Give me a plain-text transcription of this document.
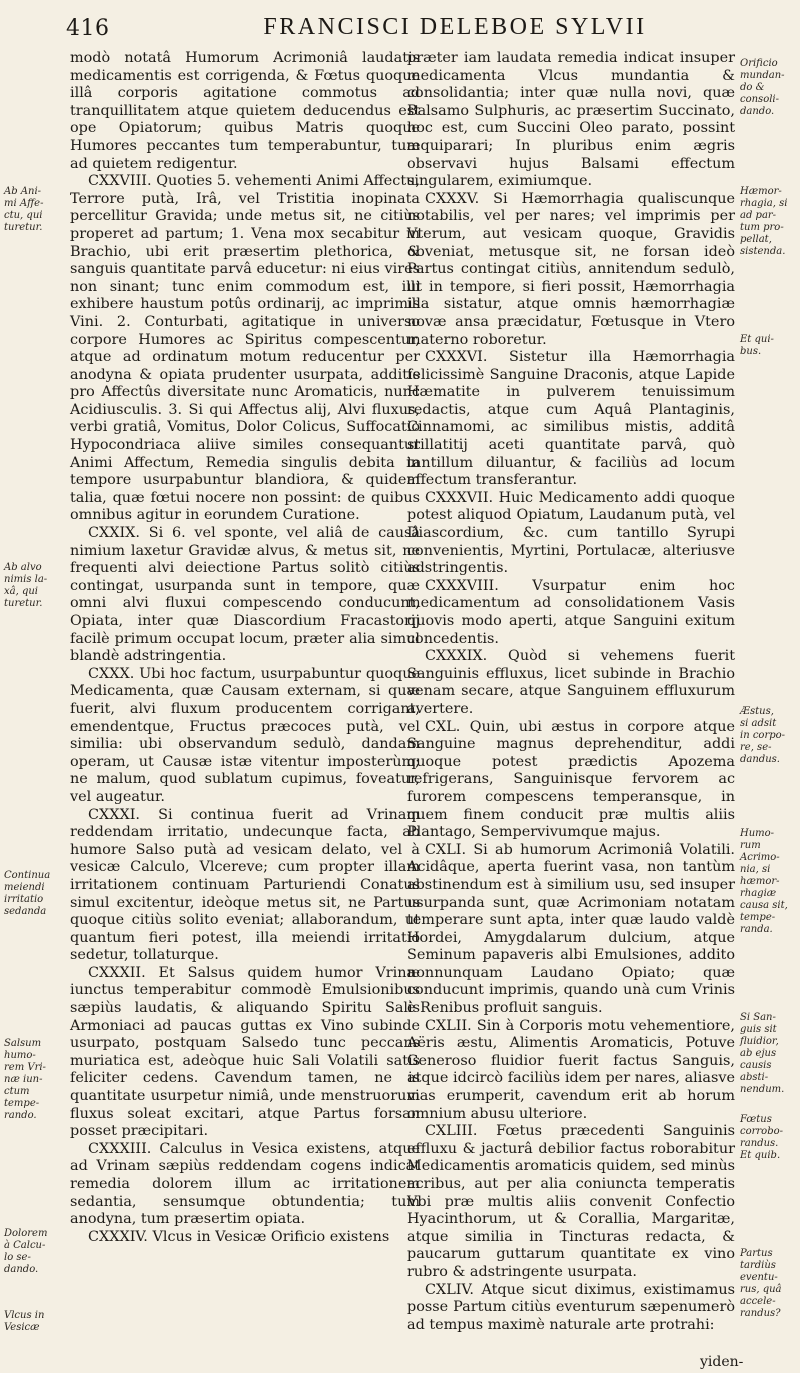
416	FRANCISCI DELEBOE SYLVII

modò notatâ Humorum Acrimoniâ laudatis medicamentis est corrigenda, & Fœtus quoque illâ corporis agitatione commotus ad tranquillitatem atque quietem deducendus est ope Opiatorum; quibus Matris quoque Humores peccantes tum temperabuntur, tum ad quietem redigentur.

CXXVIII. Quoties 5. vehementi Animi Affectu, Terrore putà, Irâ, vel Tristitia inopinata percellitur Gravida; unde metus sit, ne citiùs properet ad partum; 1. Vena mox secabitur in Brachio, ubi erit præsertim plethorica, & sanguis quantitate parvâ educetur: ni eius vires non sinant; tunc enim commodum est, illi exhibere haustum potûs ordinarij, ac imprimis Vini. 2. Conturbati, agitatique in universo corpore Humores ac Spiritus compescentur, atque ad ordinatum motum reducentur per anodyna & opiata prudenter usurpata, additis pro Affectûs diversitate nunc Aromaticis, nunc Acidiusculis. 3. Si qui Affectus alij, Alvi fluxus, verbi gratiâ, Vomitus, Dolor Colicus, Suffocatio Hypocondriaca aliive similes consequantur Animi Affectum, Remedia singulis debita in tempore usurpabuntur blandiora, & quidem talia, quæ fœtui nocere non possint: de quibus omnibus agitur in eorundem Curatione.

CXXIX. Si 6. vel sponte, vel aliâ de causâ nimium laxetur Gravidæ alvus, & metus sit, ne frequenti alvi deiectione Partus solitò citiùs contingat, usurpanda sunt in tempore, quæ omni alvi fluxui compescendo conducunt, Opiata, inter quæ Diascordium Fracastorij facilè primum occupat locum, præter alia simul blandè adstringentia.

CXXX. Ubi hoc factum, usurpabuntur quoque Medicamenta, quæ Causam externam, si quæ fuerit, alvi fluxum producentem corrigant, emendentque, Fructus præcoces putà, vel similia: ubi observandum sedulò, dandam operam, ut Causæ istæ vitentur imposterùm; ne malum, quod sublatum cupimus, foveatur, vel augeatur.

CXXXI. Si continua fuerit ad Vrinam reddendam irritatio, undecunque facta, ab humore Salso putà ad vesicam delato, vel à vesicæ Calculo, Vlcereve; cum propter illam irritationem continuam Parturiendi Conatus simul excitentur, ideòque metus sit, ne Partus quoque citiùs solito eveniat; allaborandum, ut quantum fieri potest, illa meiendi irritatio sedetur, tollaturque.

CXXXII. Et Salsus quidem humor Vrinæ iunctus temperabitur commodè Emulsionibus sæpiùs laudatis, & aliquando Spiritu Salis Armoniaci ad paucas guttas ex Vino subinde usurpato, postquam Salsedo tunc peccans muriatica est, adeòque huic Sali Volatili satis feliciter cedens. Cavendum tamen, ne is quantitate usurpetur nimiâ, unde menstruorum fluxus soleat excitari, atque Partus forsan posset præcipitari.

CXXXIII. Calculus in Vesica existens, atque ad Vrinam sæpiùs reddendam cogens indicat remedia dolorem illum ac irritationem sedantia, sensumque obtundentia; tum anodyna, tum præsertim opiata.

CXXXIV. Vlcus in Vesicæ Orificio existens

præter iam laudata remedia indicat insuper medicamenta Vlcus mundantia & consolidantia; inter quæ nulla novi, quæ Balsamo Sulphuris, ac præsertim Succinato, hoc est, cum Succini Oleo parato, possint æquiparari; In pluribus enim ægris observavi hujus Balsami effectum singularem, eximiumque.

CXXXV. Si Hæmorrhagia qualiscunque notabilis, vel per nares; vel imprimis per Vterum, aut vesicam quoque, Gravidis obveniat, metusque sit, ne forsan ideò Partus contingat citiùs, annitendum sedulò, ut in tempore, si fieri possit, Hæmorrhagia illa sistatur, atque omnis hæmorrhagiæ novæ ansa præcidatur, Fœtusque in Vtero materno roboretur.

CXXXVI. Sistetur illa Hæmorrhagia felicissimè Sanguine Draconis, atque Lapide Hæmatite in pulverem tenuissimum redactis, atque cum Aquâ Plantaginis, Cinnamomi, ac similibus mistis, additâ stillatitij aceti quantitate parvâ, quò tantillum diluantur, & faciliùs ad locum affectum transferantur.

CXXXVII. Huic Medicamento addi quoque potest aliquod Opiatum, Laudanum putà, vel Diascordium, &c. cum tantillo Syrupi convenientis, Myrtini, Portulacæ, alteriusve adstringentis.

CXXXVIII. Vsurpatur enim hoc medicamentum ad consolidationem Vasis quovis modo aperti, atque Sanguini exitum concedentis.

CXXXIX. Quòd si vehemens fuerit Sanguinis effluxus, licet subinde in Brachio venam secare, atque Sanguinem effluxurum avertere.

CXL. Quin, ubi æstus in corpore atque Sanguine magnus deprehenditur, addi quoque potest prædictis Apozema refrigerans, Sanguinisque fervorem ac furorem compescens temperansque, in quem finem conducit præ multis aliis Plantago, Sempervivumque majus.

CXLI. Si ab humorum Acrimoniâ Volatili. Acidâque, aperta fuerint vasa, non tantùm abstinendum est à similium usu, sed insuper usurpanda sunt, quæ Acrimoniam notatam temperare sunt apta, inter quæ laudo valdè Hordei, Amygdalarum dulcium, atque Seminum papaveris albi Emulsiones, addito nonnunquam Laudano Opiato; quæ conducunt imprimis, quando unà cum Vrinis è Renibus profluit sanguis.

CXLII. Sin à Corporis motu vehementiore, Aëris æstu, Alimentis Aromaticis, Potuve Generoso fluidior fuerit factus Sanguis, atque idcircò faciliùs idem per nares, aliasve vias erumperit, cavendum erit ab horum omnium abusu ulteriore.

CXLIII. Fœtus præcedenti Sanguinis effluxu & jacturâ debilior factus roborabitur Medicamentis aromaticis quidem, sed minùs acribus, aut per alia coniuncta temperatis Vbi præ multis aliis convenit Confectio Hyacinthorum, ut & Corallia, Margaritæ, atque similia in Tincturas redacta, & paucarum guttarum quantitate ex vino rubro & adstringente usurpata.

CXLIV. Atque sicut diximus, existimamus posse Partum citiùs eventurum sæpenumerò ad tempus maximè naturale arte protrahi:

Ab Ani-
mi Affe-
ctu, qui
turetur.
Ab alvo
nimis la-
xâ, qui
turetur.
Continua
meiendi
irritatio
sedanda
Salsum
humo-
rem Vri-
næ iun-
ctum
tempe-
rando.
Dolorem
à Calcu-
lo se-
dando.
Vlcus in
Vesicæ
Orificio
mundan-
do &
consoli-
dando.
Hæmor-
rhagia, si
ad par-
tum pro-
pellat,
sistenda.
Et qui-
bus.
Æstus,
si adsit
in corpo-
re, se-
dandus.
Humo-
rum
Acrimo-
nia, si
hæmor-
rhagiæ
causa sit,
tempe-
randa.
Si San-
guis sit
fluidior,
ab ejus
causis
absti-
nendum.
Fœtus
corrobo-
randus.
Et quib.
Partus
tardiùs
eventu-
rus, quâ
accele-
randus?
yiden-
